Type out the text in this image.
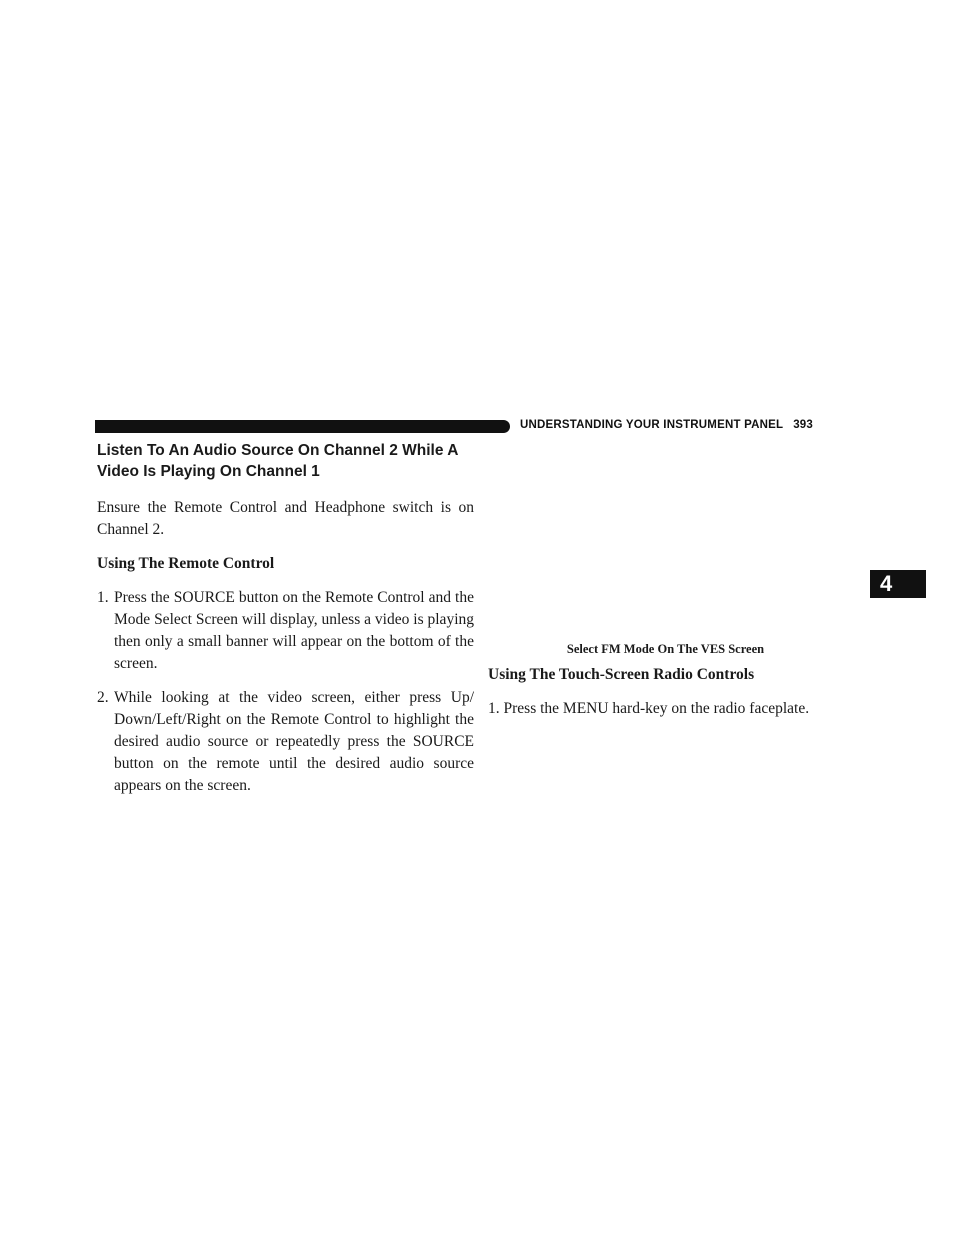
UNDERSTANDING YOUR INSTRUMENT PANEL 393
4
Listen To An Audio Source On Channel 2 While A Video Is Playing On Channel 1

Ensure the Remote Control and Headphone switch is on Channel 2.

Using The Remote Control

1. Press the SOURCE button on the Remote Control and the Mode Select Screen will display, unless a video is playing then only a small banner will appear on the bottom of the screen.

2. While looking at the video screen, either press Up/ Down/Left/Right on the Remote Control to highlight the desired audio source or repeatedly press the SOURCE button on the remote until the desired audio source appears on the screen.

Select FM Mode On The VES Screen

Using The Touch-Screen Radio Controls

1. Press the MENU hard-key on the radio faceplate.
